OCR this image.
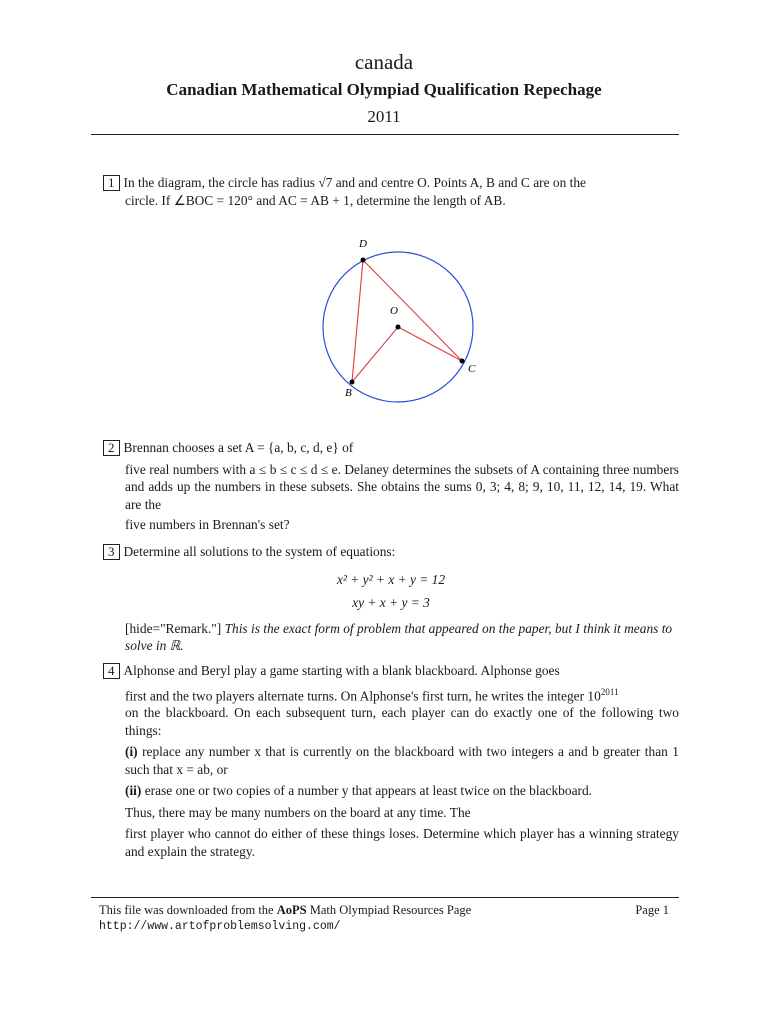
canada
Canadian Mathematical Olympiad Qualification Repechage
2011

1 In the diagram, the circle has radius √7 and and centre O. Points A, B and C are on the

circle. If ∠BOC = 120° and AC = AB + 1, determine the length of AB.

D
O
C
B

2 Brennan chooses a set A = {a, b, c, d, e} of

five real numbers with a ≤ b ≤ c ≤ d ≤ e. Delaney determines the subsets of A containing three numbers and adds up the numbers in these subsets. She obtains the sums 0, 3; 4, 8; 9, 10, 11, 12, 14, 19. What are the

five numbers in Brennan's set?

3 Determine all solutions to the system of equations:

x² + y² + x + y = 12
xy + x + y = 3

[hide="Remark."] This is the exact form of problem that appeared on the paper, but I think it means to solve in ℝ.

4 Alphonse and Beryl play a game starting with a blank blackboard. Alphonse goes

first and the two players alternate turns. On Alphonse's first turn, he writes the integer $10^{2011}$

on the blackboard. On each subsequent turn, each player can do exactly one of the following two things:

(i) replace any number x that is currently on the blackboard with two integers a and b greater than 1 such that x = ab, or

(ii) erase one or two copies of a number y that appears at least twice on the blackboard.

Thus, there may be many numbers on the board at any time. The

first player who cannot do either of these things loses. Determine which player has a winning strategy and explain the strategy.

This file was downloaded from the AoPS Math Olympiad Resources Page	Page 1
http://www.artofproblemsolving.com/
